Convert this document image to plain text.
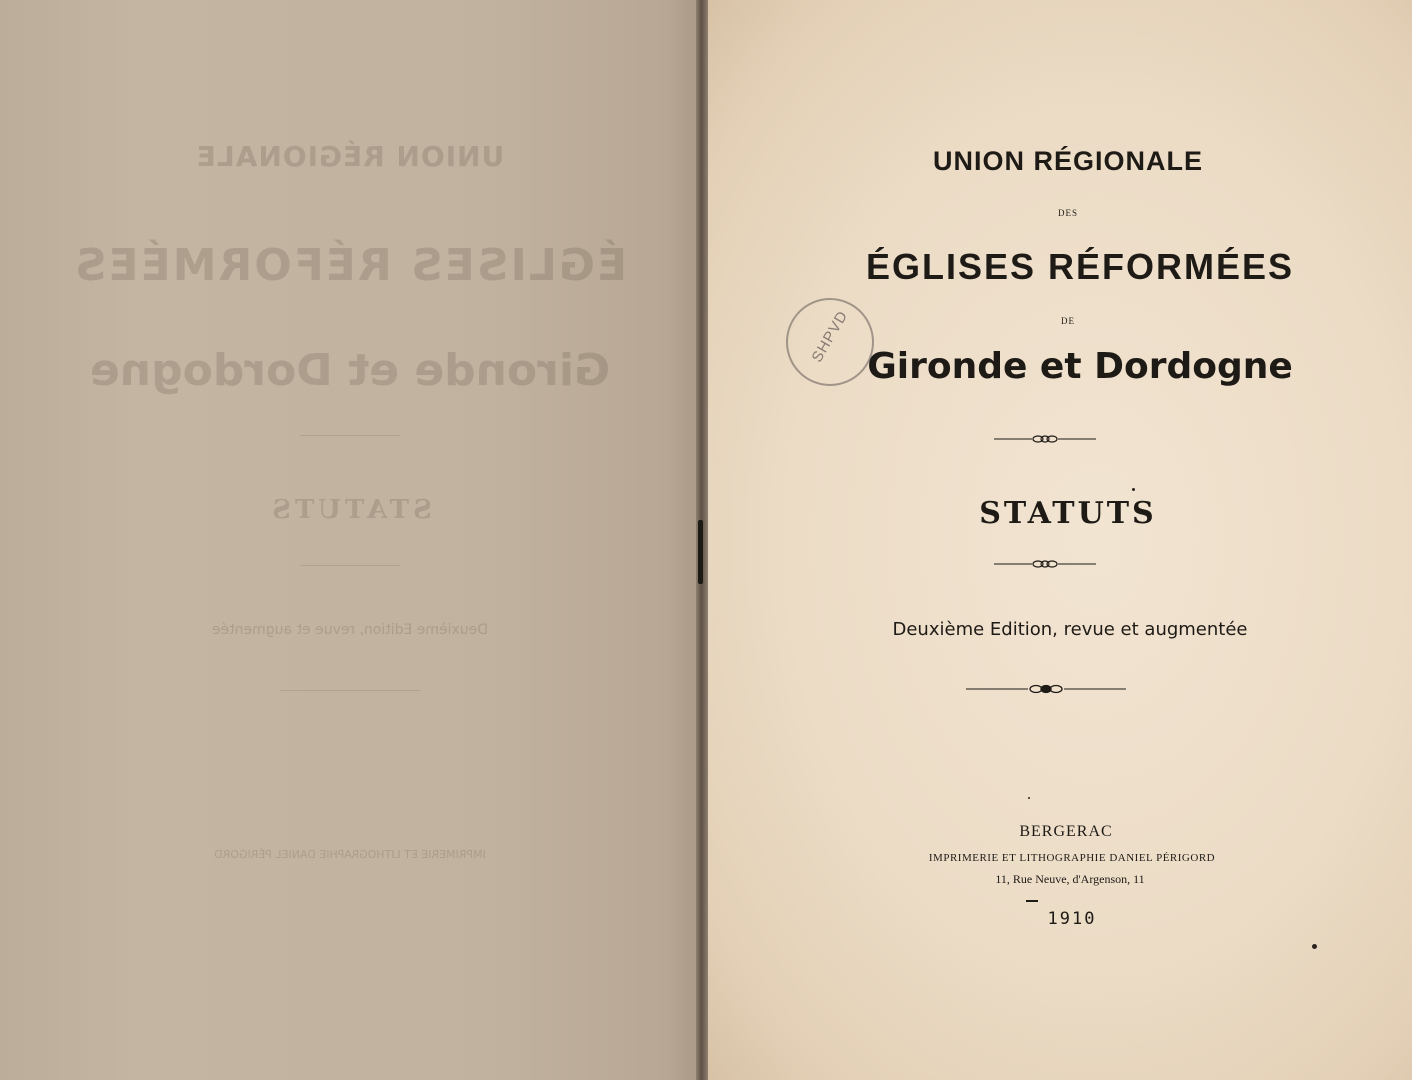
UNION RÉGIONALE
ÉGLISES RÉFORMÉES
Gironde et Dordogne
STATUTS
Deuxième Edition, revue et augmentée
IMPRIMERIE ET LITHOGRAPHIE DANIEL PÉRIGORD
UNION RÉGIONALE
DES
ÉGLISES RÉFORMÉES
SHPVD	DE
Gironde et Dordogne
STATUTS
Deuxième Edition, revue et augmentée
BERGERAC
IMPRIMERIE ET LITHOGRAPHIE DANIEL PÉRIGORD
11, Rue Neuve, d'Argenson, 11
1910
